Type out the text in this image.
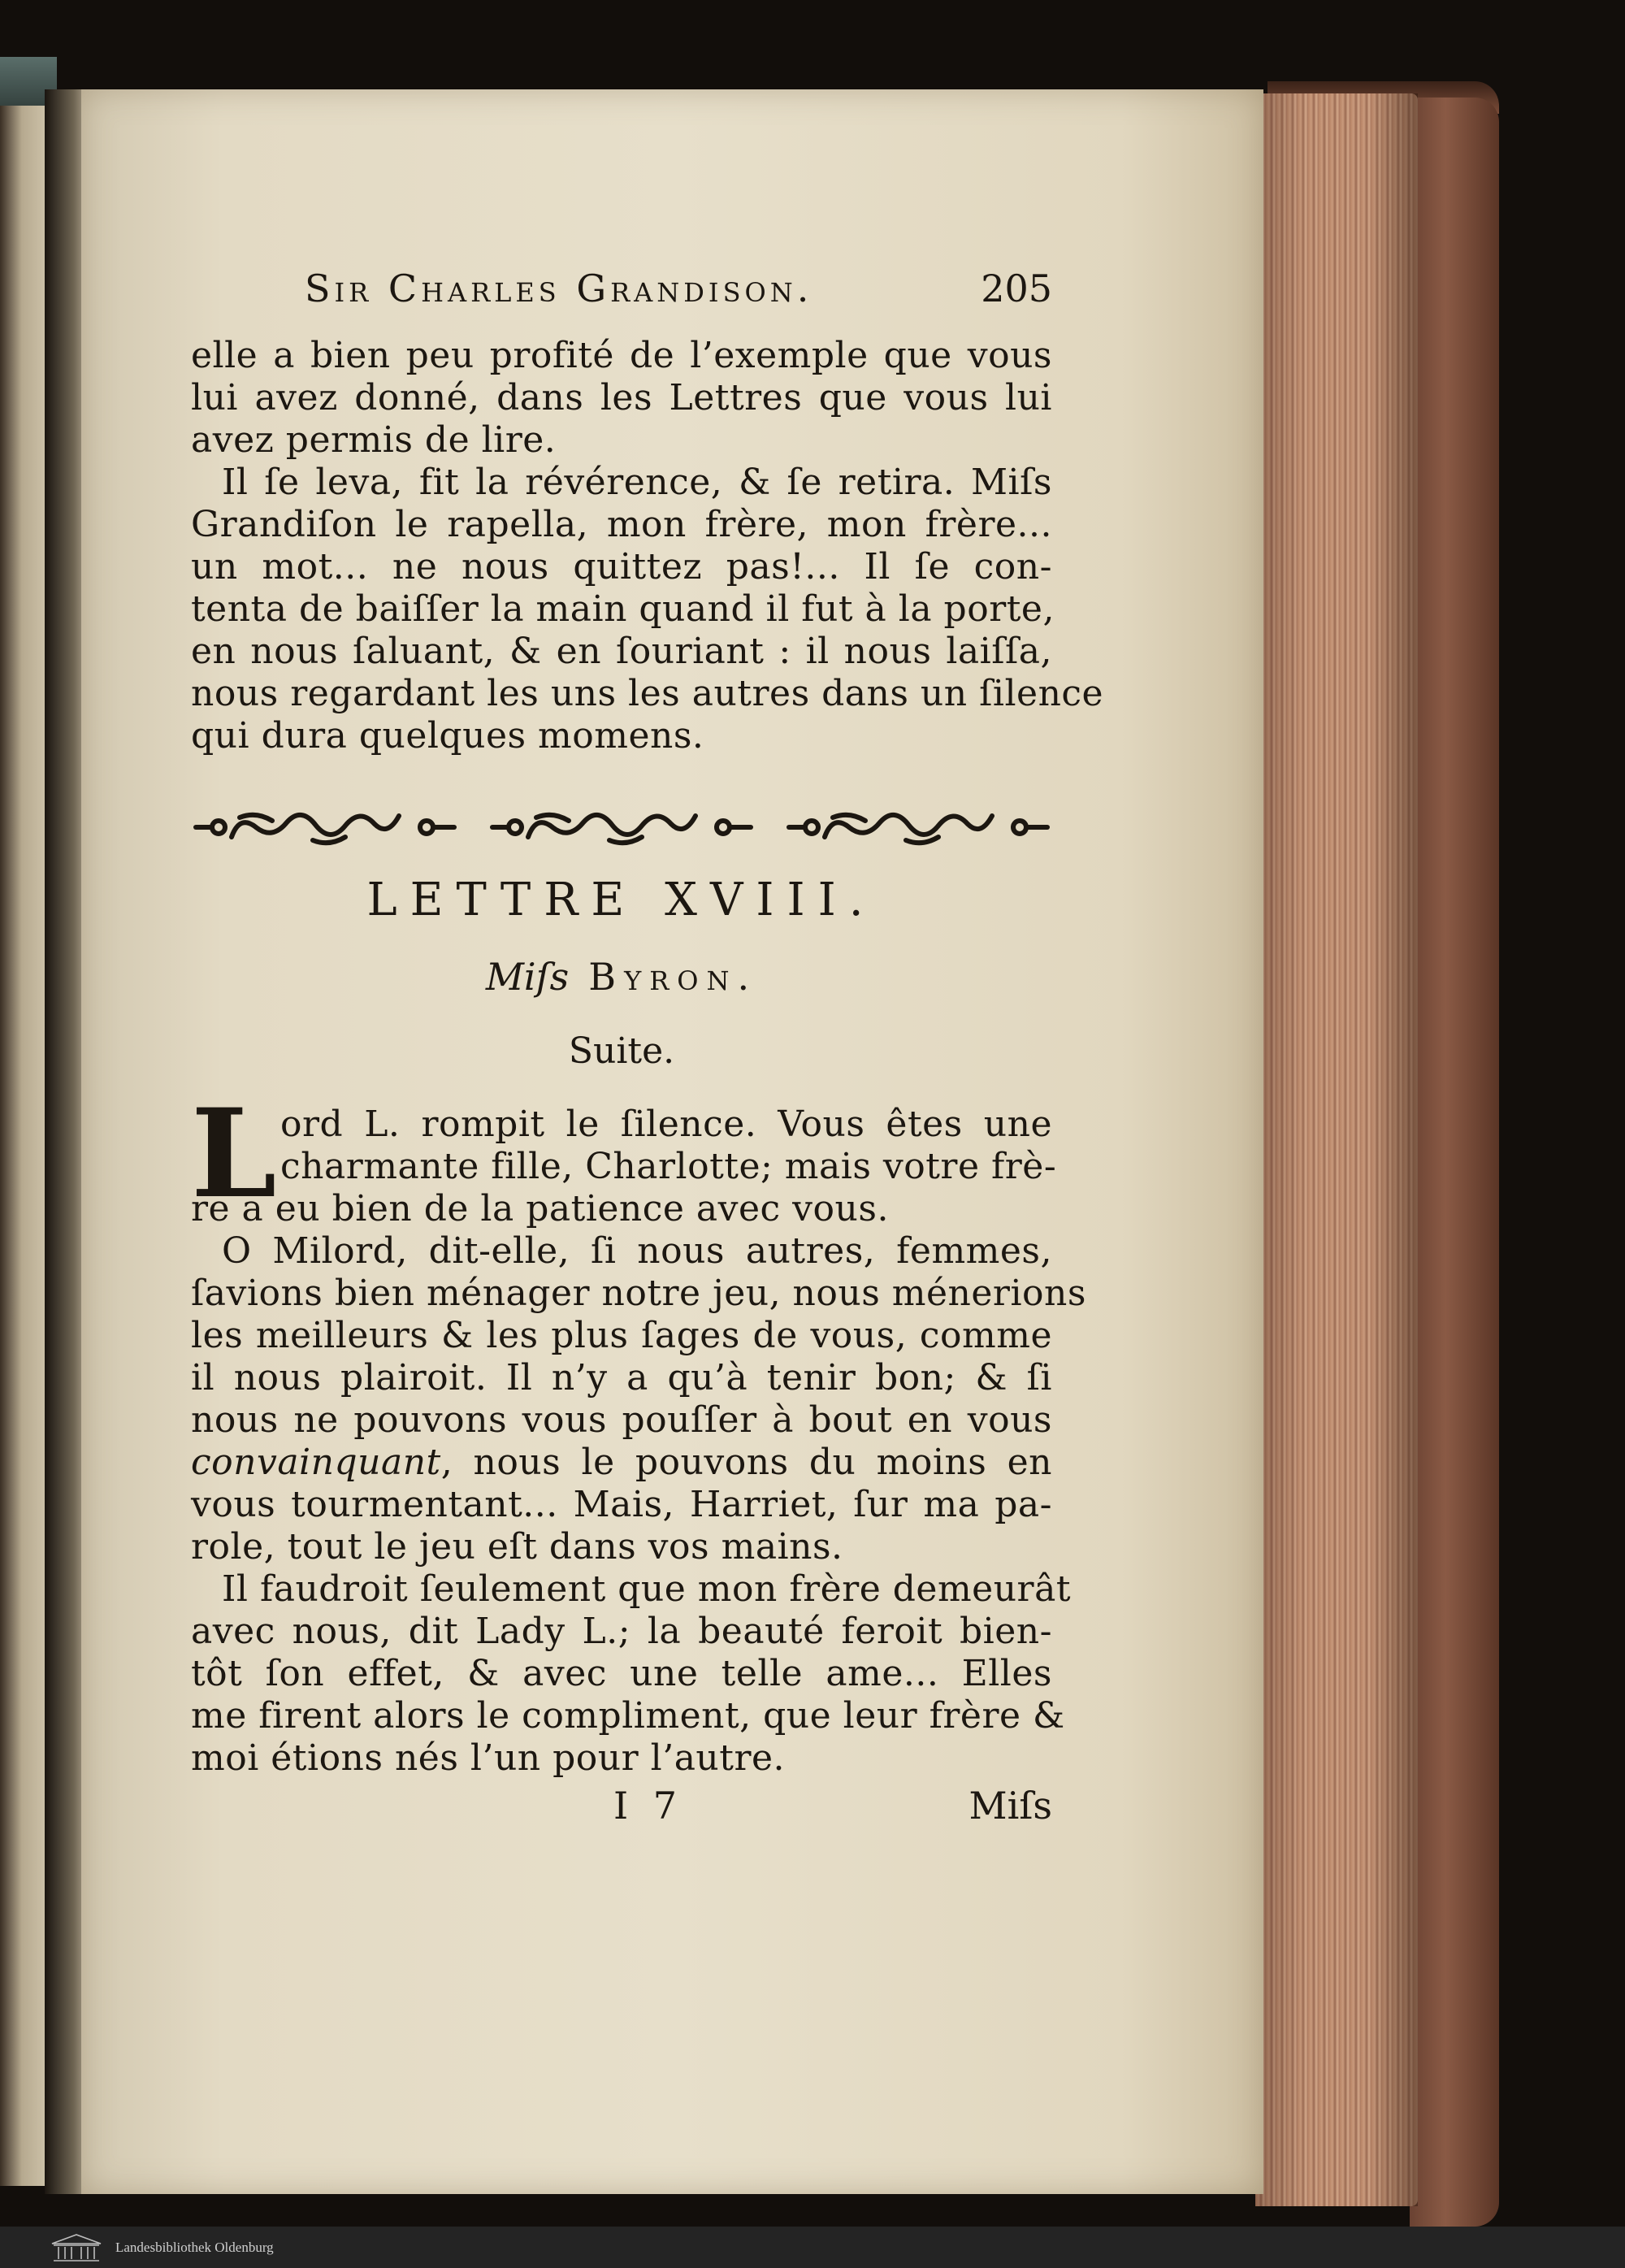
Sir Charles Grandison.	205
elle a bien peu profité de l’exemple que vous
lui avez donné, dans les Lettres que vous lui
avez permis de lire.
Il ſe leva, fit la révérence, & ſe retira. Miſs
Grandiſon le rapella, mon frère, mon frère...
un mot... ne nous quittez pas!... Il ſe con-
tenta de baiſſer la main quand il fut à la porte,
en nous ſaluant, & en ſouriant : il nous laiſſa,
nous regardant les uns les autres dans un ſilence
qui dura quelques momens.
LETTRE XVIII.
Miſs Byron.
Suite.
L ord L. rompit le ſilence. Vous êtes une
charmante fille, Charlotte; mais votre frè-
re a eu bien de la patience avec vous.
O Milord, dit-elle, ſi nous autres, femmes,
ſavions bien ménager notre jeu, nous ménerions
les meilleurs & les plus ſages de vous, comme
il nous plairoit. Il n’y a qu’à tenir bon; & ſi
nous ne pouvons vous pouſſer à bout en vous
convainquant , nous le pouvons du moins en
vous tourmentant... Mais, Harriet, ſur ma pa-
role, tout le jeu eſt dans vos mains.
Il faudroit ſeulement que mon frère demeurât
avec nous, dit Lady L.; la beauté feroit bien-
tôt ſon effet, & avec une telle ame... Elles
me firent alors le compliment, que leur frère &
moi étions nés l’un pour l’autre.
I 7	Miſs
Landesbibliothek Oldenburg
